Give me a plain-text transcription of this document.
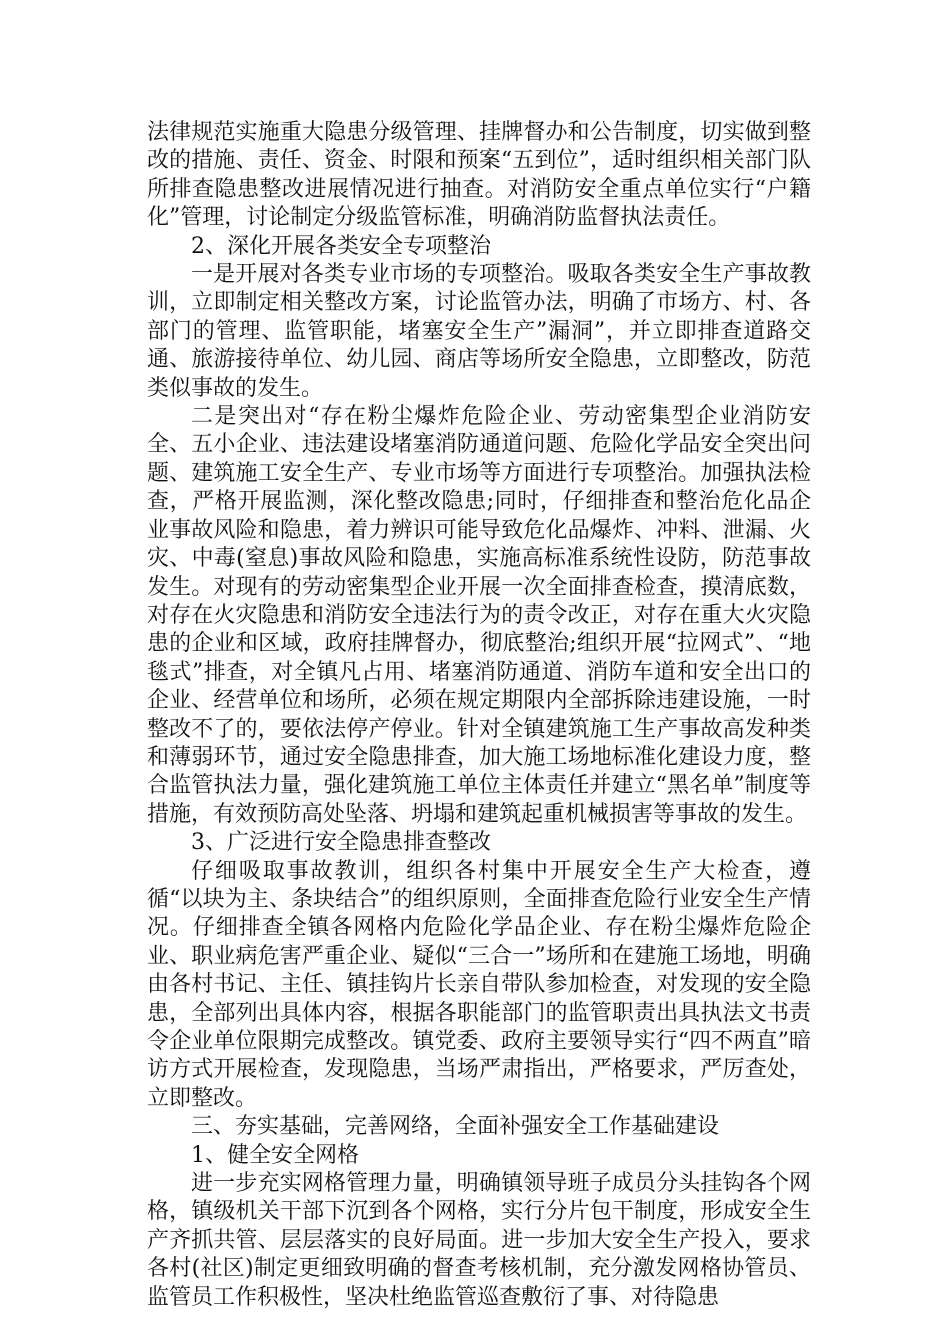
法律规范实施重大隐患分级管理、挂牌督办和公告制度，切实做到整改的措施、责任、资金、时限和预案“五到位”，适时组织相关部门队所排查隐患整改进展情况进行抽查。对消防安全重点单位实行“户籍化”管理，讨论制定分级监管标准，明确消防监督执法责任。

2、深化开展各类安全专项整治

一是开展对各类专业市场的专项整治。吸取各类安全生产事故教训，立即制定相关整改方案，讨论监管办法，明确了市场方、村、各部门的管理、监管职能，堵塞安全生产”漏洞”，并立即排查道路交通、旅游接待单位、幼儿园、商店等场所安全隐患，立即整改，防范类似事故的发生。

二是突出对“存在粉尘爆炸危险企业、劳动密集型企业消防安全、五小企业、违法建设堵塞消防通道问题、危险化学品安全突出问题、建筑施工安全生产、专业市场等方面进行专项整治。加强执法检查，严格开展监测，深化整改隐患;同时，仔细排查和整治危化品企业事故风险和隐患，着力辨识可能导致危化品爆炸、冲料、泄漏、火灾、中毒(窒息)事故风险和隐患，实施高标准系统性设防，防范事故发生。对现有的劳动密集型企业开展一次全面排查检查，摸清底数，对存在火灾隐患和消防安全违法行为的责令改正，对存在重大火灾隐患的企业和区域，政府挂牌督办，彻底整治;组织开展“拉网式”、“地毯式”排查，对全镇凡占用、堵塞消防通道、消防车道和安全出口的企业、经营单位和场所，必须在规定期限内全部拆除违建设施，一时整改不了的，要依法停产停业。针对全镇建筑施工生产事故高发种类和薄弱环节，通过安全隐患排查，加大施工场地标准化建设力度，整合监管执法力量，强化建筑施工单位主体责任并建立“黑名单”制度等措施，有效预防高处坠落、坍塌和建筑起重机械损害等事故的发生。

3、广泛进行安全隐患排查整改

仔细吸取事故教训，组织各村集中开展安全生产大检查，遵循“以块为主、条块结合”的组织原则，全面排查危险行业安全生产情况。仔细排查全镇各网格内危险化学品企业、存在粉尘爆炸危险企业、职业病危害严重企业、疑似“三合一”场所和在建施工场地，明确由各村书记、主任、镇挂钩片长亲自带队参加检查，对发现的安全隐患，全部列出具体内容，根据各职能部门的监管职责出具执法文书责令企业单位限期完成整改。镇党委、政府主要领导实行“四不两直”暗访方式开展检查，发现隐患，当场严肃指出，严格要求，严厉查处，立即整改。

三、夯实基础，完善网络，全面补强安全工作基础建设

1、健全安全网格

进一步充实网格管理力量，明确镇领导班子成员分头挂钩各个网格，镇级机关干部下沉到各个网格，实行分片包干制度，形成安全生产齐抓共管、层层落实的良好局面。进一步加大安全生产投入，要求各村(社区)制定更细致明确的督查考核机制，充分激发网格协管员、监管员工作积极性，坚决杜绝监管巡查敷衍了事、对待隐患
